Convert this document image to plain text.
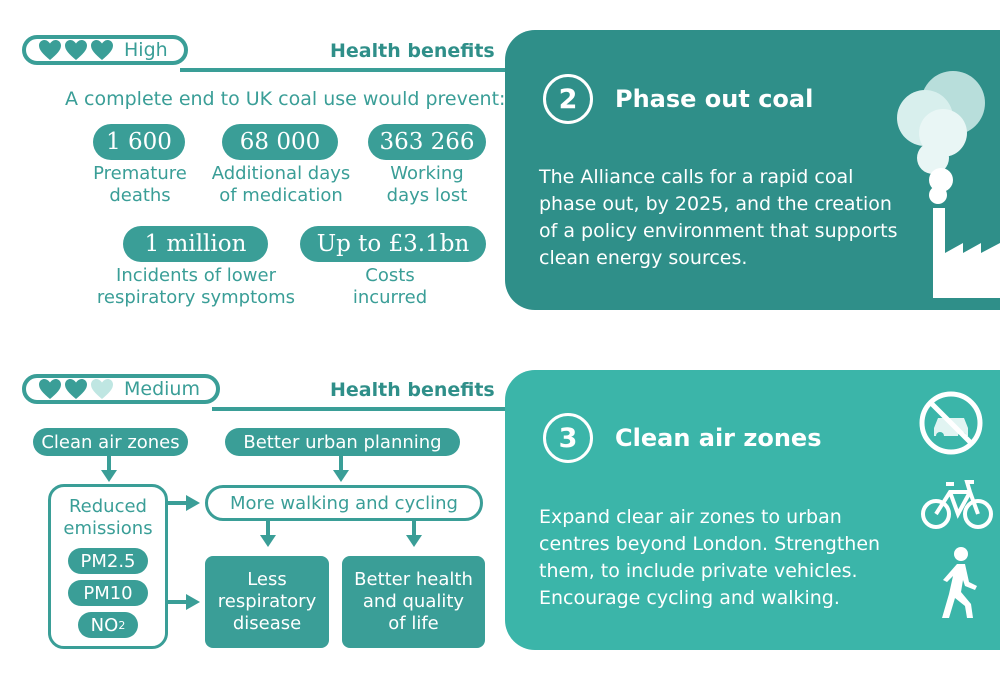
High	Health benefits
A complete end to UK coal use would prevent:
1 600
Premature
deaths
68 000
Additional days
of medication
363 266
Working
days lost
1 million
Incidents of lower
respiratory symptoms
Up to £3.1bn
Costs
incurred
2	Phase out coal
The Alliance calls for a rapid coal
phase out, by 2025, and the creation
of a policy environment that supports
clean energy sources.
Medium	Health benefits
Clean air zones	Better urban planning
Reduced
emissions
PM2.5
PM10
NO 2
More walking and cycling
Less
respiratory
disease
Better health
and quality
of life
3	Clean air zones
Expand clear air zones to urban
centres beyond London. Strengthen
them, to include private vehicles.
Encourage cycling and walking.
